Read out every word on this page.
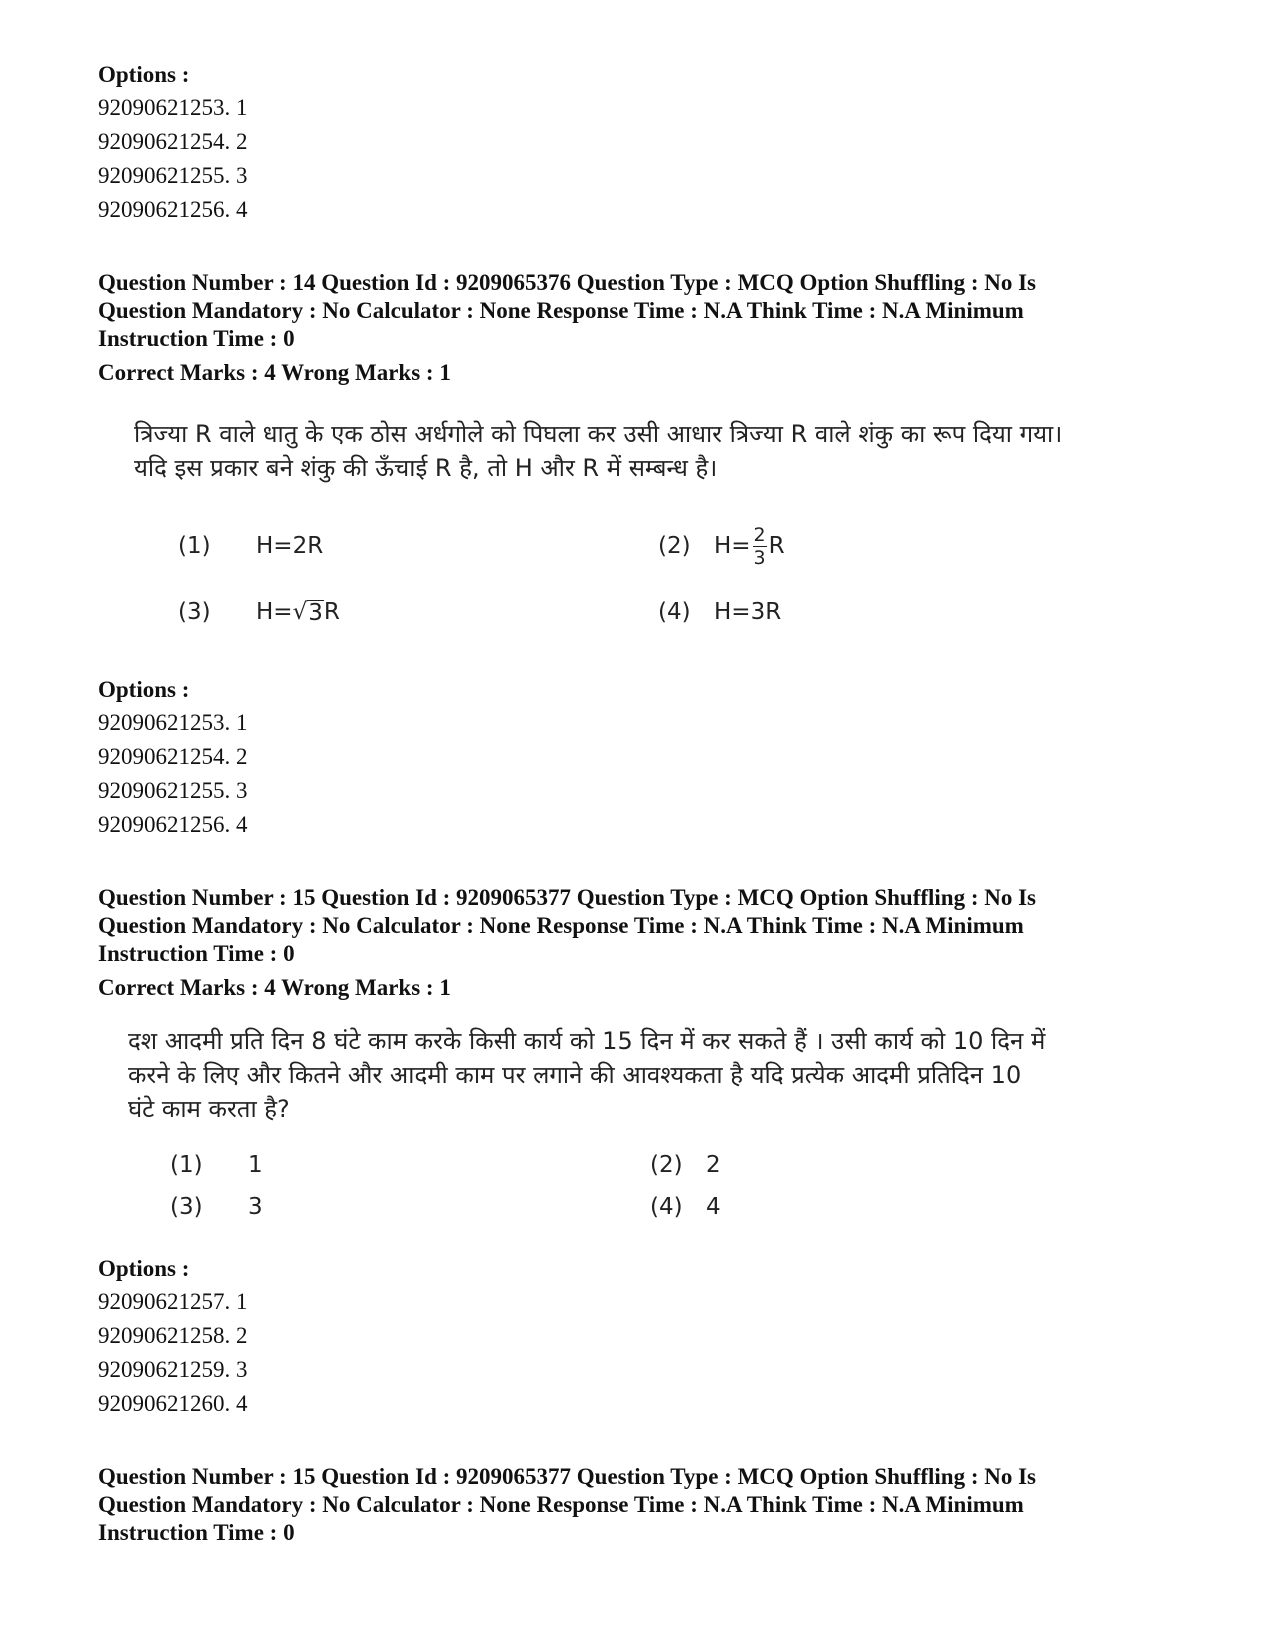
Options :

92090621253. 1

92090621254. 2

92090621255. 3

92090621256. 4

Question Number : 14 Question Id : 9209065376 Question Type : MCQ Option Shuffling : No Is

Question Mandatory : No Calculator : None Response Time : N.A Think Time : N.A Minimum

Instruction Time : 0

Correct Marks : 4 Wrong Marks : 1

त्रिज्या R वाले धातु के एक ठोस अर्धगोले को पिघला कर उसी आधार त्रिज्या R वाले शंकु का रूप दिया गया।

यदि इस प्रकार बने शंकु की ऊँचाई R है, तो H और R में सम्बन्ध है।

(1)	H=2R	(2)	$H= \frac{2}{3}$ R
(3)	H= √ 3 R	(4)	H=3R

Options :

92090621253. 1

92090621254. 2

92090621255. 3

92090621256. 4

Question Number : 15 Question Id : 9209065377 Question Type : MCQ Option Shuffling : No Is

Question Mandatory : No Calculator : None Response Time : N.A Think Time : N.A Minimum

Instruction Time : 0

Correct Marks : 4 Wrong Marks : 1

दश आदमी प्रति दिन 8 घंटे काम करके किसी कार्य को 15 दिन में कर सकते हैं । उसी कार्य को 10 दिन में

करने के लिए और कितने और आदमी काम पर लगाने की आवश्यकता है यदि प्रत्येक आदमी प्रतिदिन 10

घंटे काम करता है?

(1)	1	(2)	2
(3)	3	(4)	4

Options :

92090621257. 1

92090621258. 2

92090621259. 3

92090621260. 4

Question Number : 15 Question Id : 9209065377 Question Type : MCQ Option Shuffling : No Is

Question Mandatory : No Calculator : None Response Time : N.A Think Time : N.A Minimum

Instruction Time : 0
